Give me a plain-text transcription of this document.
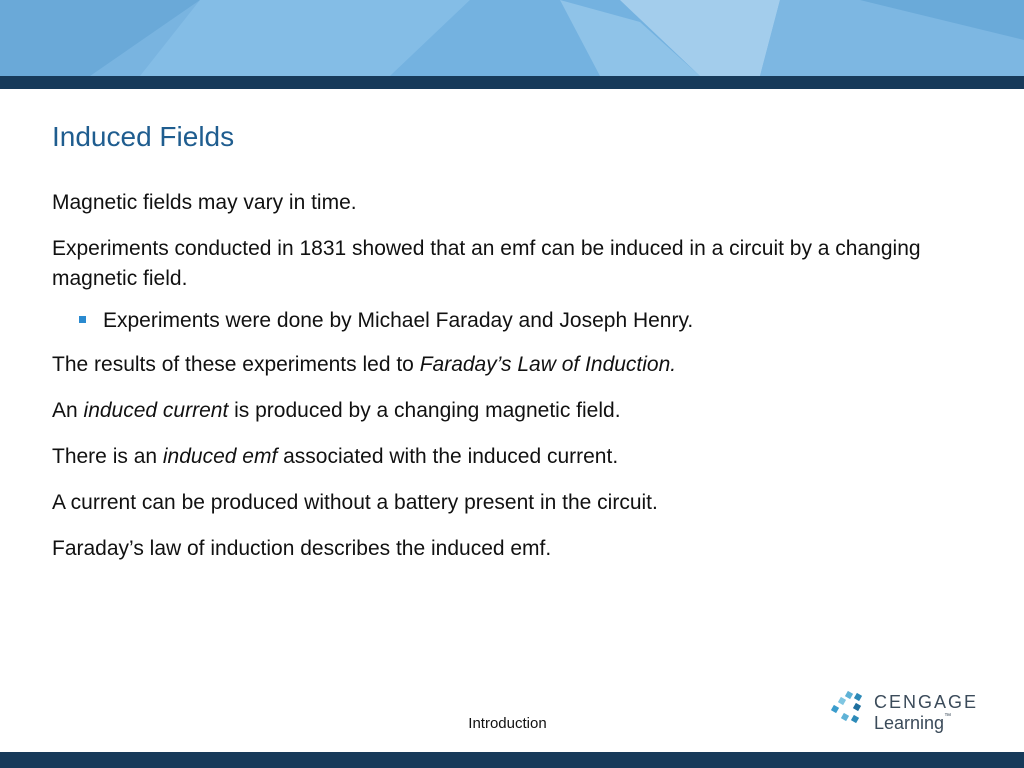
Induced Fields

Magnetic fields may vary in time.

Experiments conducted in 1831 showed that an emf can be induced in a circuit by a changing magnetic field.

Experiments were done by Michael Faraday and Joseph Henry.

The results of these experiments led to Faraday’s Law of Induction.

An induced current is produced by a changing magnetic field.

There is an induced emf associated with the induced current.

A current can be produced without a battery present in the circuit.

Faraday’s law of induction describes the induced emf.

Introduction
CENGAGE
Learning™
